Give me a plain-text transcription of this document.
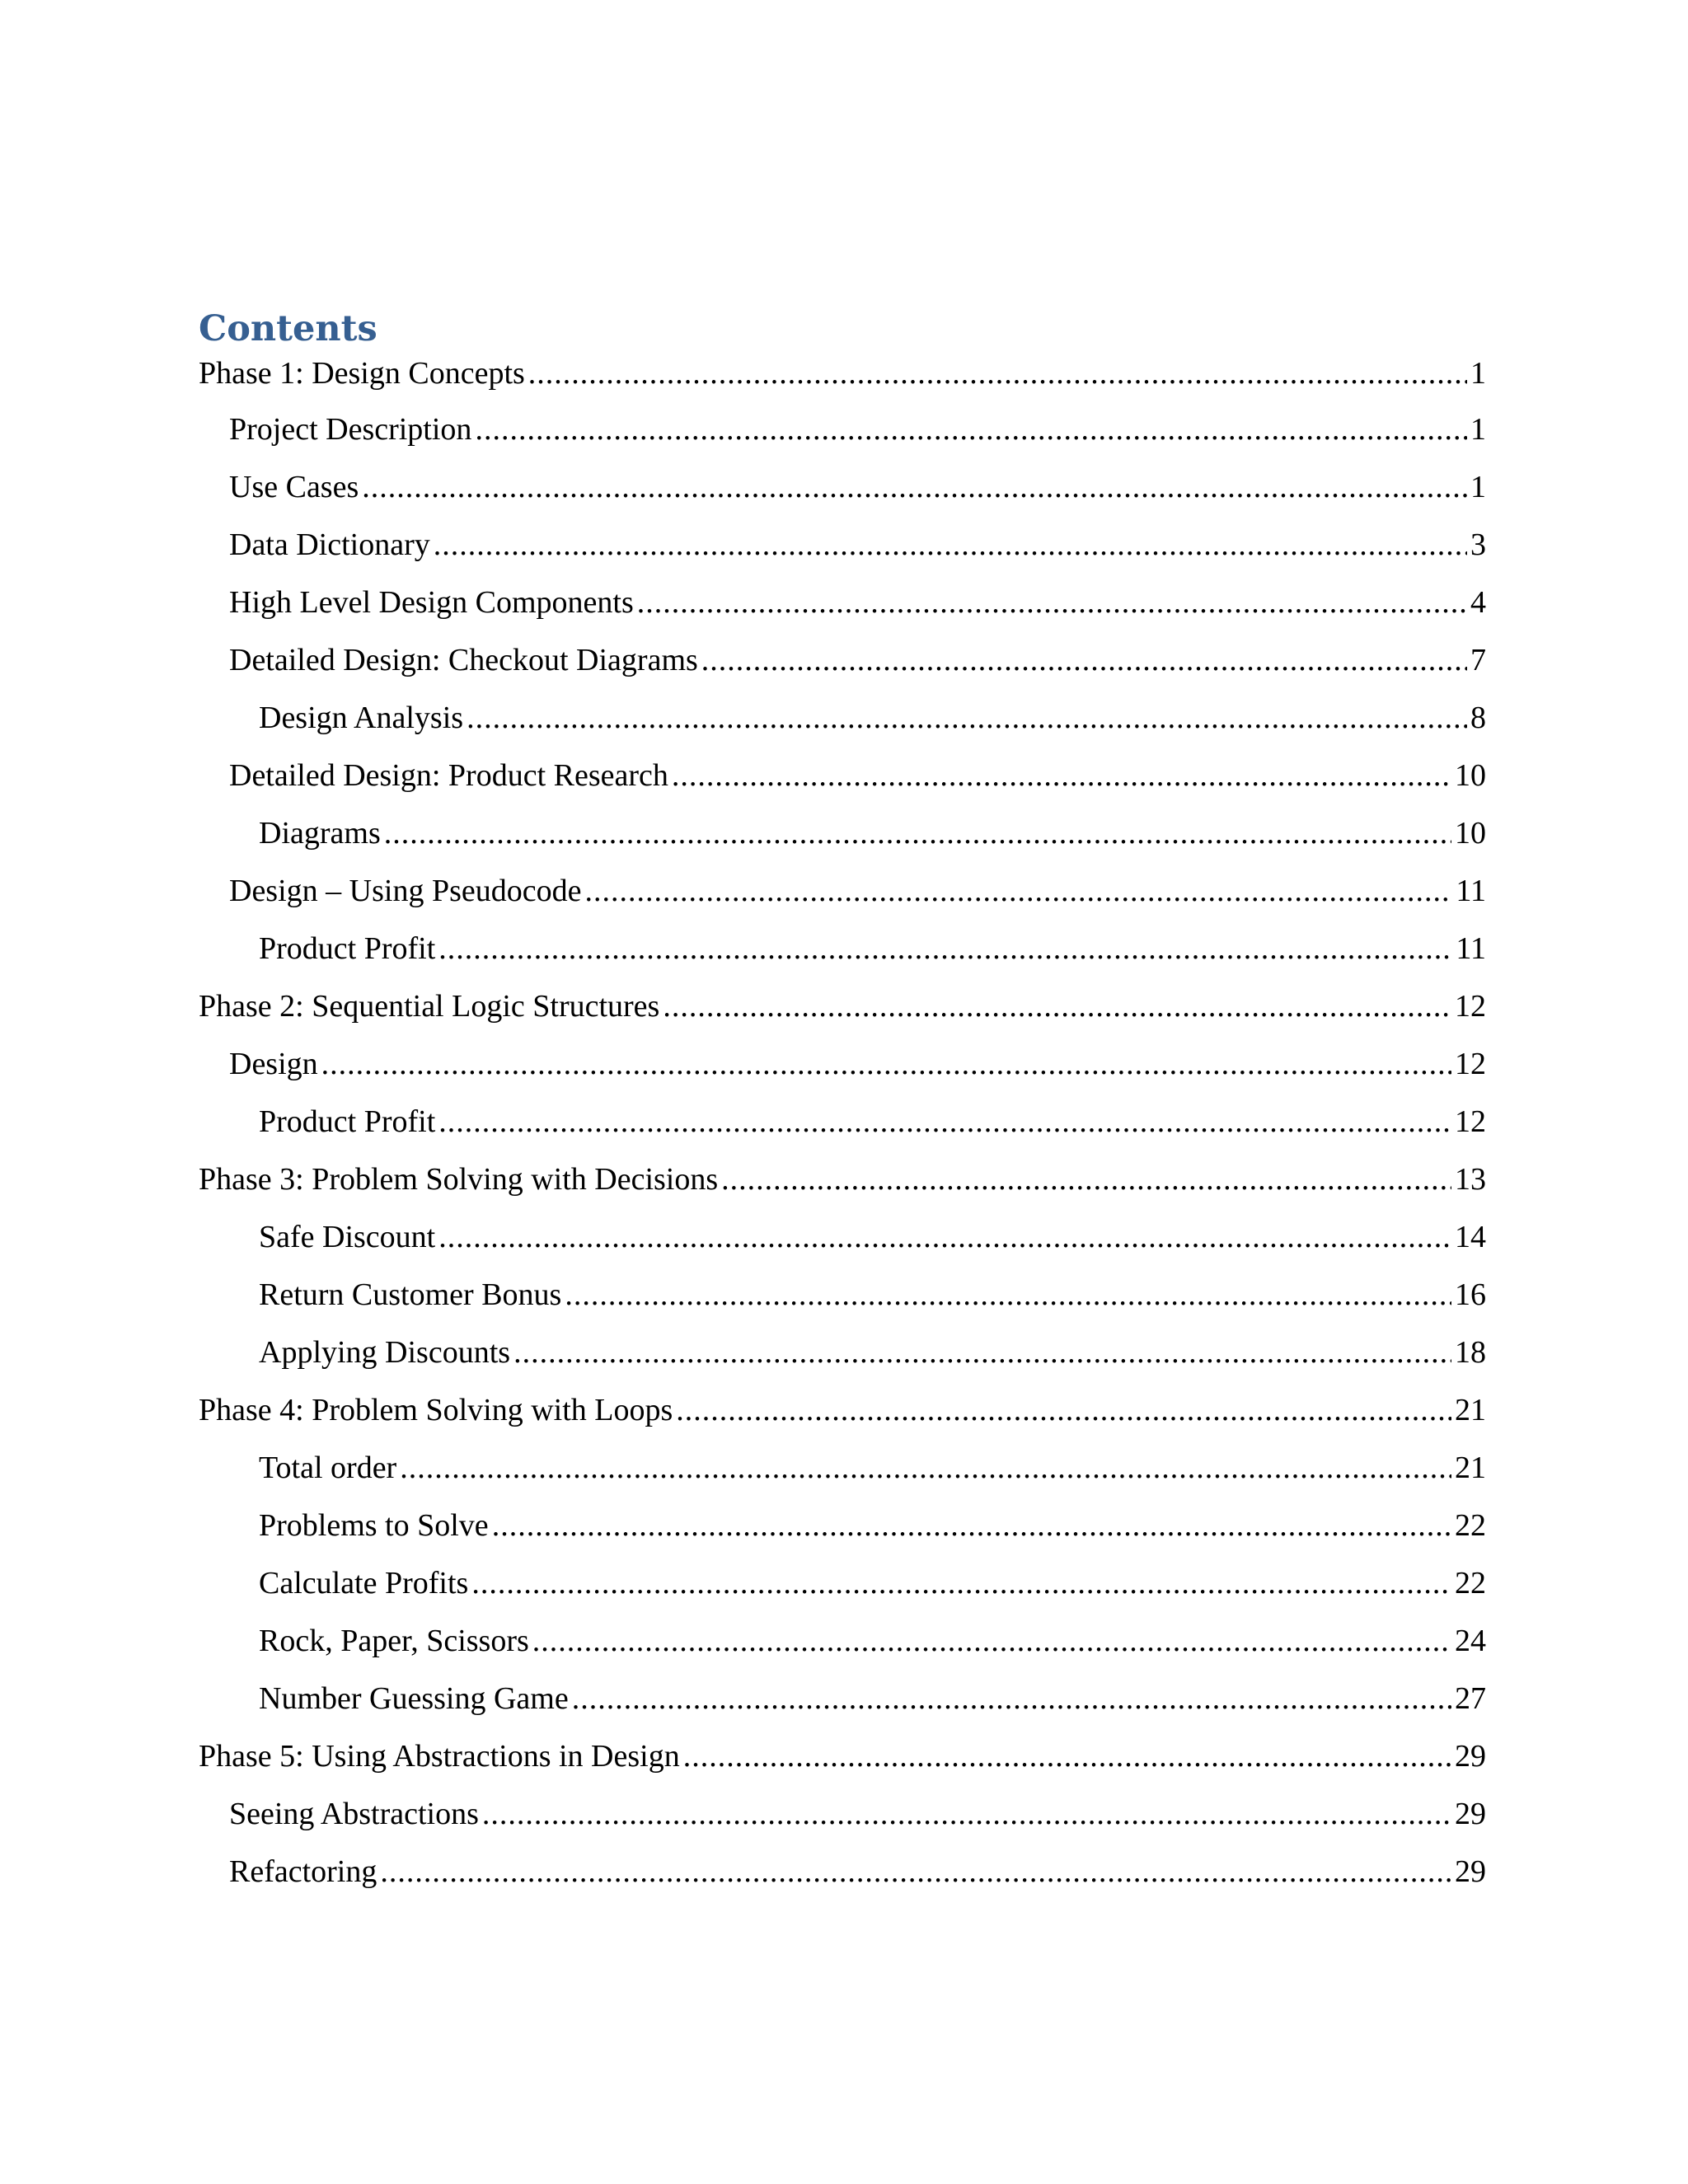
Contents
Phase 1: Design Concepts .....	1
Project Description .....	1
Use Cases .....	1
Data Dictionary .....	3
High Level Design Components .....	4
Detailed Design: Checkout Diagrams .....	7
Design Analysis .....	8
Detailed Design: Product Research .....	10
Diagrams .....	10
Design – Using Pseudocode .....	11
Product Profit .....	11
Phase 2: Sequential Logic Structures .....	12
Design .....	12
Product Profit .....	12
Phase 3: Problem Solving with Decisions .....	13
Safe Discount .....	14
Return Customer Bonus .....	16
Applying Discounts .....	18
Phase 4: Problem Solving with Loops .....	21
Total order .....	21
Problems to Solve .....	22
Calculate Profits .....	22
Rock, Paper, Scissors .....	24
Number Guessing Game .....	27
Phase 5: Using Abstractions in Design .....	29
Seeing Abstractions .....	29
Refactoring .....	29
